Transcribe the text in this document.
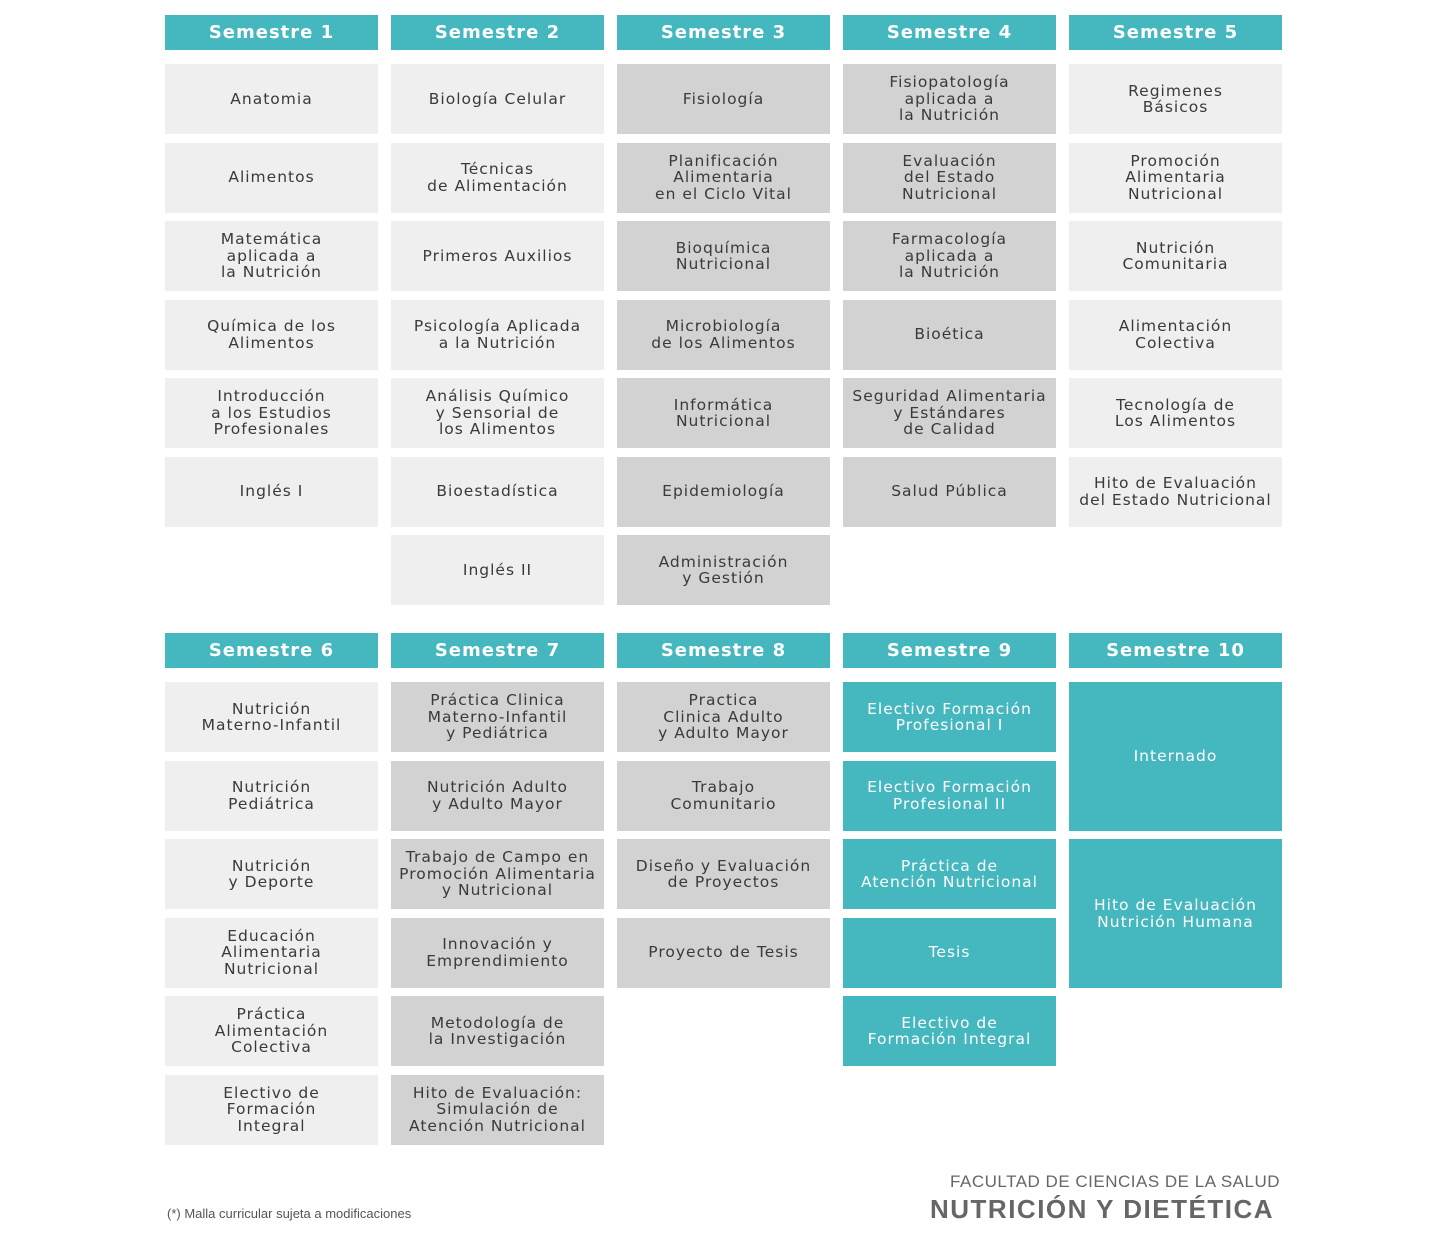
Semestre 1
Anatomia
Alimentos
Matemática
aplicada a
la Nutrición
Química de los
Alimentos
Introducción
a los Estudios
Profesionales
Inglés I
Semestre 2
Biología Celular
Técnicas
de Alimentación
Primeros Auxilios
Psicología Aplicada
a la Nutrición
Análisis Químico
y Sensorial de
los Alimentos
Bioestadística
Inglés II
Semestre 3
Fisiología
Planificación
Alimentaria
en el Ciclo Vital
Bioquímica
Nutricional
Microbiología
de los Alimentos
Informática
Nutricional
Epidemiología
Administración
y Gestión
Semestre 4
Fisiopatología
aplicada a
la Nutrición
Evaluación
del Estado
Nutricional
Farmacología
aplicada a
la Nutrición
Bioética
Seguridad Alimentaria
y Estándares
de Calidad
Salud Pública
Semestre 5
Regimenes
Básicos
Promoción
Alimentaria
Nutricional
Nutrición
Comunitaria
Alimentación
Colectiva
Tecnología de
Los Alimentos
Hito de Evaluación
del Estado Nutricional
Semestre 6
Nutrición
Materno-Infantil
Nutrición
Pediátrica
Nutrición
y Deporte
Educación
Alimentaria
Nutricional
Práctica
Alimentación
Colectiva
Electivo de
Formación
Integral
Semestre 7
Práctica Clinica
Materno-Infantil
y Pediátrica
Nutrición Adulto
y Adulto Mayor
Trabajo de Campo en
Promoción Alimentaria
y Nutricional
Innovación y
Emprendimiento
Metodología de
la Investigación
Hito de Evaluación:
Simulación de
Atención Nutricional
Semestre 8
Practica
Clinica Adulto
y Adulto Mayor
Trabajo
Comunitario
Diseño y Evaluación
de Proyectos
Proyecto de Tesis
Semestre 9
Electivo Formación
Profesional I
Electivo Formación
Profesional II
Práctica de
Atención Nutricional
Tesis
Electivo de
Formación Integral
Semestre 10
Internado
Hito de Evaluación
Nutrición Humana
(*) Malla curricular sujeta a modificaciones
FACULTAD DE CIENCIAS DE LA SALUD
NUTRICIÓN Y DIETÉTICA
